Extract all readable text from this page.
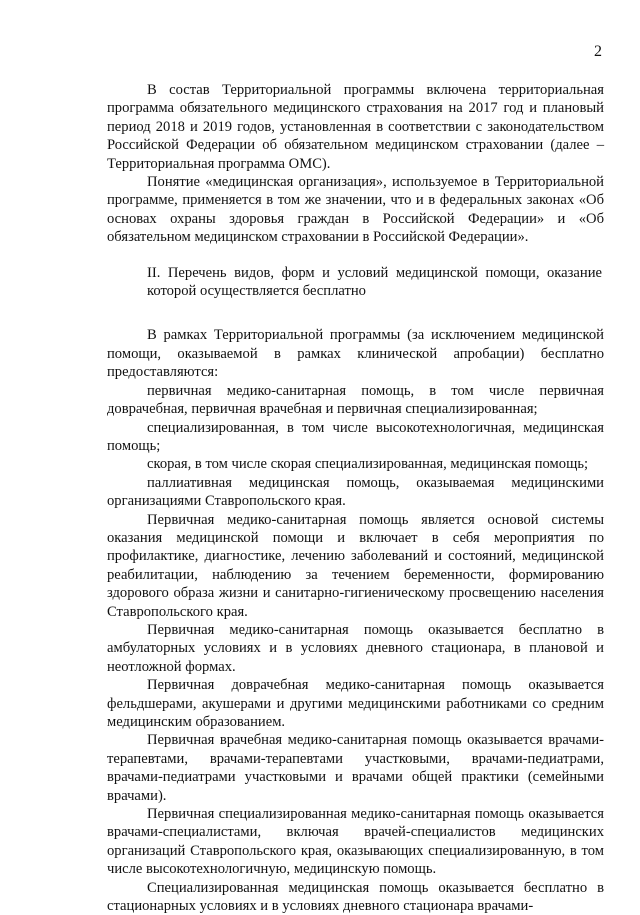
2

В состав Территориальной программы включена территориальная программа обязательного медицинского страхования на 2017 год и плановый период 2018 и 2019 годов, установленная в соответствии с законодательством Российской Федерации об обязательном медицинском страховании (далее – Территориальная программа ОМС).

Понятие «медицинская организация», используемое в Территориальной программе, применяется в том же значении, что и в федеральных законах «Об основах охраны здоровья граждан в Российской Федерации» и «Об обязательном медицинском страховании в Российской Федерации».

II. Перечень видов, форм и условий медицинской помощи, оказание которой осуществляется бесплатно

В рамках Территориальной программы (за исключением медицинской помощи, оказываемой в рамках клинической апробации) бесплатно предоставляются:

первичная медико-санитарная помощь, в том числе первичная доврачебная, первичная врачебная и первичная специализированная;

специализированная, в том числе высокотехнологичная, медицинская помощь;

скорая, в том числе скорая специализированная, медицинская помощь;

паллиативная медицинская помощь, оказываемая медицинскими организациями Ставропольского края.

Первичная медико-санитарная помощь является основой системы оказания медицинской помощи и включает в себя мероприятия по профилактике, диагностике, лечению заболеваний и состояний, медицинской реабилитации, наблюдению за течением беременности, формированию здорового образа жизни и санитарно-гигиеническому просвещению населения Ставропольского края.

Первичная медико-санитарная помощь оказывается бесплатно в амбулаторных условиях и в условиях дневного стационара, в плановой и неотложной формах.

Первичная доврачебная медико-санитарная помощь оказывается фельдшерами, акушерами и другими медицинскими работниками со средним медицинским образованием.

Первичная врачебная медико-санитарная помощь оказывается врачами-терапевтами, врачами-терапевтами участковыми, врачами-педиатрами, врачами-педиатрами участковыми и врачами общей практики (семейными врачами).

Первичная специализированная медико-санитарная помощь оказывается врачами-специалистами, включая врачей-специалистов медицинских организаций Ставропольского края, оказывающих специализированную, в том числе высокотехнологичную, медицинскую помощь.

Специализированная медицинская помощь оказывается бесплатно в стационарных условиях и в условиях дневного стационара врачами-
